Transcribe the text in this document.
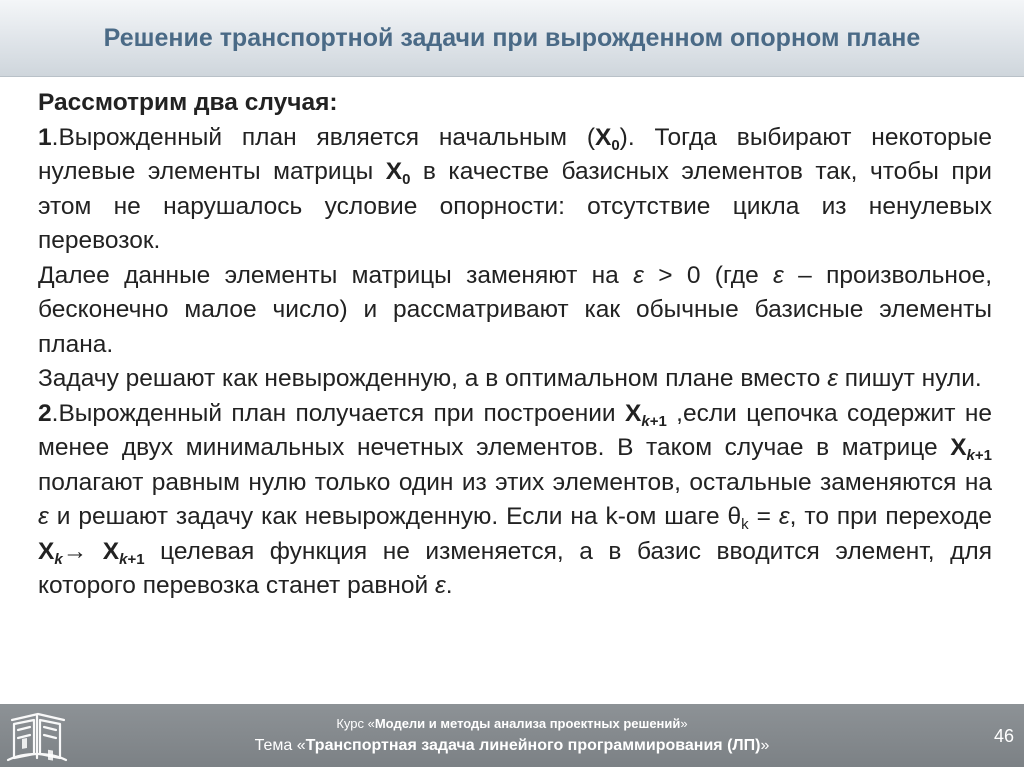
Решение транспортной задачи при вырожденном опорном плане

Рассмотрим два случая:

1.Вырожденный план является начальным $(X_0)$. Тогда выбирают некоторые нулевые элементы матрицы $X_0$ в качестве базисных элементов так, чтобы при этом не нарушалось условие опорности: отсутствие цикла из ненулевых перевозок.

Далее данные элементы матрицы заменяют на ε > 0 (где ε – произвольное, бесконечно малое число) и рассматривают как обычные базисные элементы плана.

Задачу решают как невырожденную, а в оптимальном плане вместо ε пишут нули.

2.Вырожденный план получается при построении $X_{k+1}$ ,если цепочка содержит не менее двух минимальных нечетных элементов. В таком случае в матрице $X_{k+1}$ полагают равным нулю только один из этих элементов, остальные заменяются на ε и решают задачу как невырожденную. Если на k-ом шаге $\theta_k = \varepsilon$, то при переходе $X_k\to X_{k+1}$ целевая функция не изменяется, а в базис вводится элемент, для которого перевозка станет равной ε.

Курс «Модели и методы анализа проектных решений»
Тема «Транспортная задача линейного программирования (ЛП)»	46
